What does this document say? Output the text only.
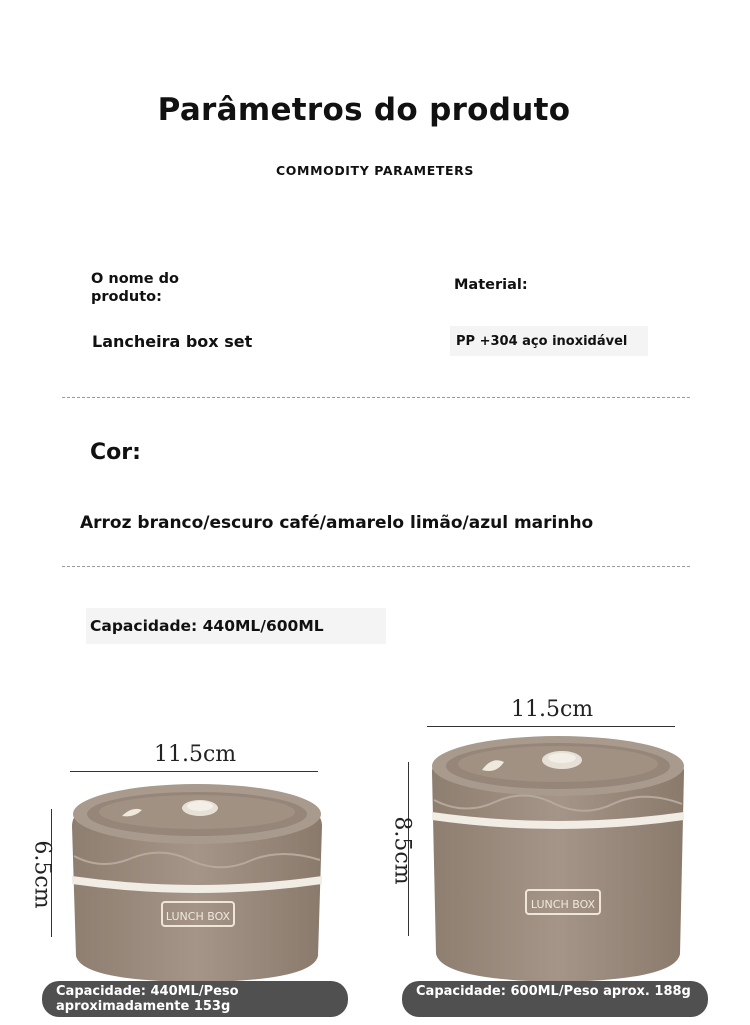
Parâmetros do produto
COMMODITY PARAMETERS
O nome do produto:
Material:
Lancheira box set	PP +304 aço inoxidável
Cor:
Arroz branco/escuro café/amarelo limão/azul marinho
Capacidade: 440ML/600ML
11.5cm
6.5cm
LUNCH BOX
11.5cm
8.5cm
LUNCH BOX
Capacidade: 440ML/Peso aproximadamente 153g
Capacidade: 600ML/Peso aprox. 188g
